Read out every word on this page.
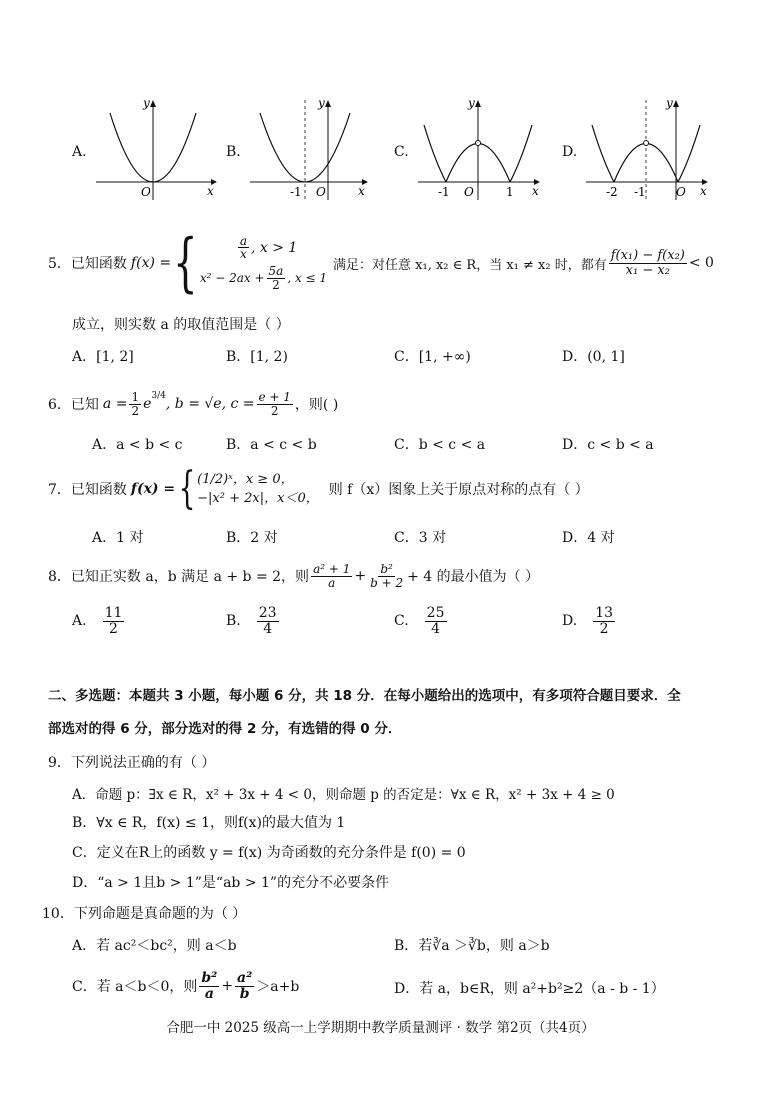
A.
y
x
O
B.
y
x
O
-1
C.
y
x
O
-1	1
D.
y
x
O
-2 -1
5． 已知函数 f(x) = {	$\frac{a}{x}$ , x > 1
$x^2 - 2ax + \frac{5a}{2}$ , x ≤ 1
满足：对任意 x₁, x₂ ∈ R，当 x₁ ≠ x₂ 时，都有 $\frac{\text{f(x₁) − f(x₂)}}{\text{x₁ − x₂}} < 0$
成立，则实数 a 的取值范围是（ ）
A．[1, 2]	B．[1, 2)	C．[1, +∞)	D．(0, 1]
6． 已知 $a = \frac{1}{2} e^{3/4}$ , b = √e, $c = \frac{e + 1}{2}$ ，则( )
A．a < b < c	B．a < c < b	C．b < c < a	D．c < b < a
7． 已知函数 f(x) = { (1/2)ˣ，x ≥ 0，
−|x² + 2x|，x＜0，
则 f（x）图象上关于原点对称的点有（ ）
A．1 对	B．2 对	C．3 对	D．4 对
8． 已知正实数 a，b 满足 a + b = 2，则 $\frac{\text{a² + 1}}{a} + \frac{\text{b²}}{b + 2} + 4$ 的最小值为（ ）
A. $\frac{11}{2}$	B. $\frac{23}{4}$	C. $\frac{25}{4}$	D. $\frac{13}{2}$
二、多选题：本题共 3 小题，每小题 6 分，共 18 分．在每小题给出的选项中，有多项符合题目要求．全
部选对的得 6 分，部分选对的得 2 分，有选错的得 0 分．
9．下列说法正确的有（ ）
A．命题 p：∃x ∈ R，x² + 3x + 4 < 0，则命题 p 的否定是：∀x ∈ R，x² + 3x + 4 ≥ 0
B．∀x ∈ R，f(x) ≤ 1，则f(x)的最大值为 1
C．定义在R上的函数 y = f(x) 为奇函数的充分条件是 f(0) = 0
D．“a > 1且b > 1”是“ab > 1”的充分不必要条件
10．下列命题是真命题的为（ ）
A．若 ac²＜bc²，则 a＜b	B．若∛a ＞∛b，则 a＞b
C．若 a＜b＜0，则 $\frac{\text{b²}}{a} + \frac{\text{a²}}{b} >a+b$	D．若 a，b∈R，则 a²+b²≥2（a - b - 1）
合肥一中 2025 级高一上学期期中教学质量测评 · 数学 第2页（共4页）
